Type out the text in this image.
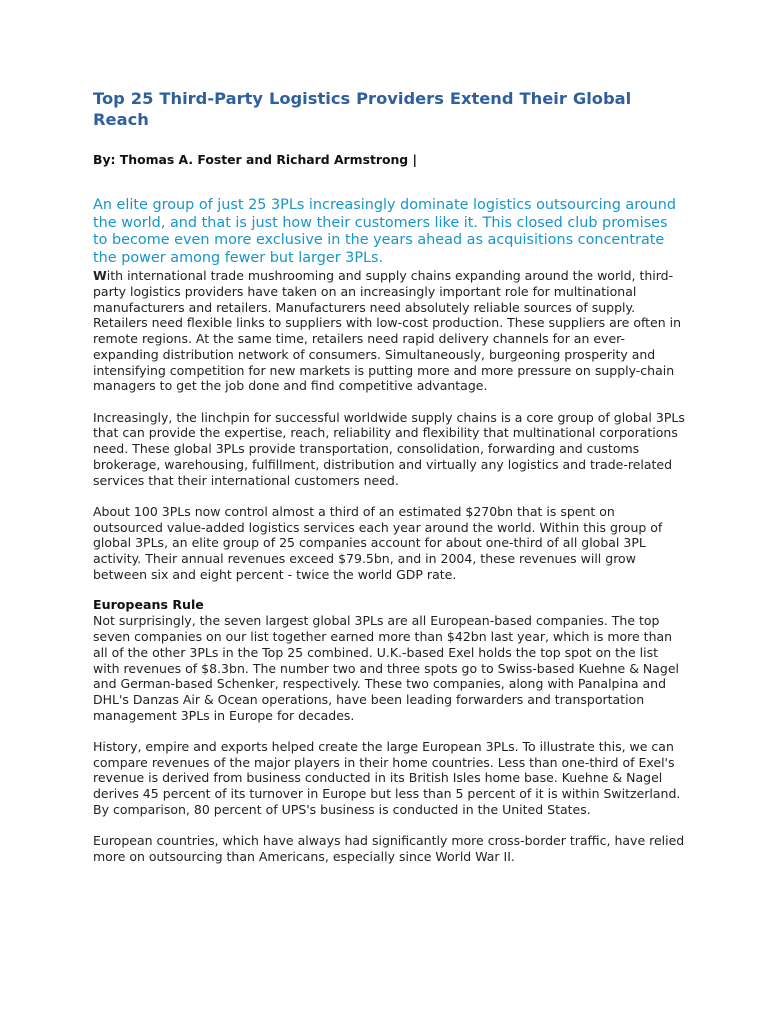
Top 25 Third-Party Logistics Providers Extend Their Global Reach
By: Thomas A. Foster and Richard Armstrong |
An elite group of just 25 3PLs increasingly dominate logistics outsourcing around the world, and that is just how their customers like it. This closed club promises to become even more exclusive in the years ahead as acquisitions concentrate the power among fewer but larger 3PLs.

With international trade mushrooming and supply chains expanding around the world, third-party logistics providers have taken on an increasingly important role for multinational manufacturers and retailers. Manufacturers need absolutely reliable sources of supply. Retailers need flexible links to suppliers with low-cost production. These suppliers are often in remote regions. At the same time, retailers need rapid delivery channels for an ever-expanding distribution network of consumers. Simultaneously, burgeoning prosperity and intensifying competition for new markets is putting more and more pressure on supply-chain managers to get the job done and find competitive advantage.

Increasingly, the linchpin for successful worldwide supply chains is a core group of global 3PLs that can provide the expertise, reach, reliability and flexibility that multinational corporations need. These global 3PLs provide transportation, consolidation, forwarding and customs brokerage, warehousing, fulfillment, distribution and virtually any logistics and trade-related services that their international customers need.

About 100 3PLs now control almost a third of an estimated $270bn that is spent on outsourced value-added logistics services each year around the world. Within this group of global 3PLs, an elite group of 25 companies account for about one-third of all global 3PL activity. Their annual revenues exceed $79.5bn, and in 2004, these revenues will grow between six and eight percent - twice the world GDP rate.

Europeans Rule

Not surprisingly, the seven largest global 3PLs are all European-based companies. The top seven companies on our list together earned more than $42bn last year, which is more than all of the other 3PLs in the Top 25 combined. U.K.-based Exel holds the top spot on the list with revenues of $8.3bn. The number two and three spots go to Swiss-based Kuehne & Nagel and German-based Schenker, respectively. These two companies, along with Panalpina and DHL's Danzas Air & Ocean operations, have been leading forwarders and transportation management 3PLs in Europe for decades.

History, empire and exports helped create the large European 3PLs. To illustrate this, we can compare revenues of the major players in their home countries. Less than one-third of Exel's revenue is derived from business conducted in its British Isles home base. Kuehne & Nagel derives 45 percent of its turnover in Europe but less than 5 percent of it is within Switzerland. By comparison, 80 percent of UPS's business is conducted in the United States.

European countries, which have always had significantly more cross-border traffic, have relied more on outsourcing than Americans, especially since World War II.
